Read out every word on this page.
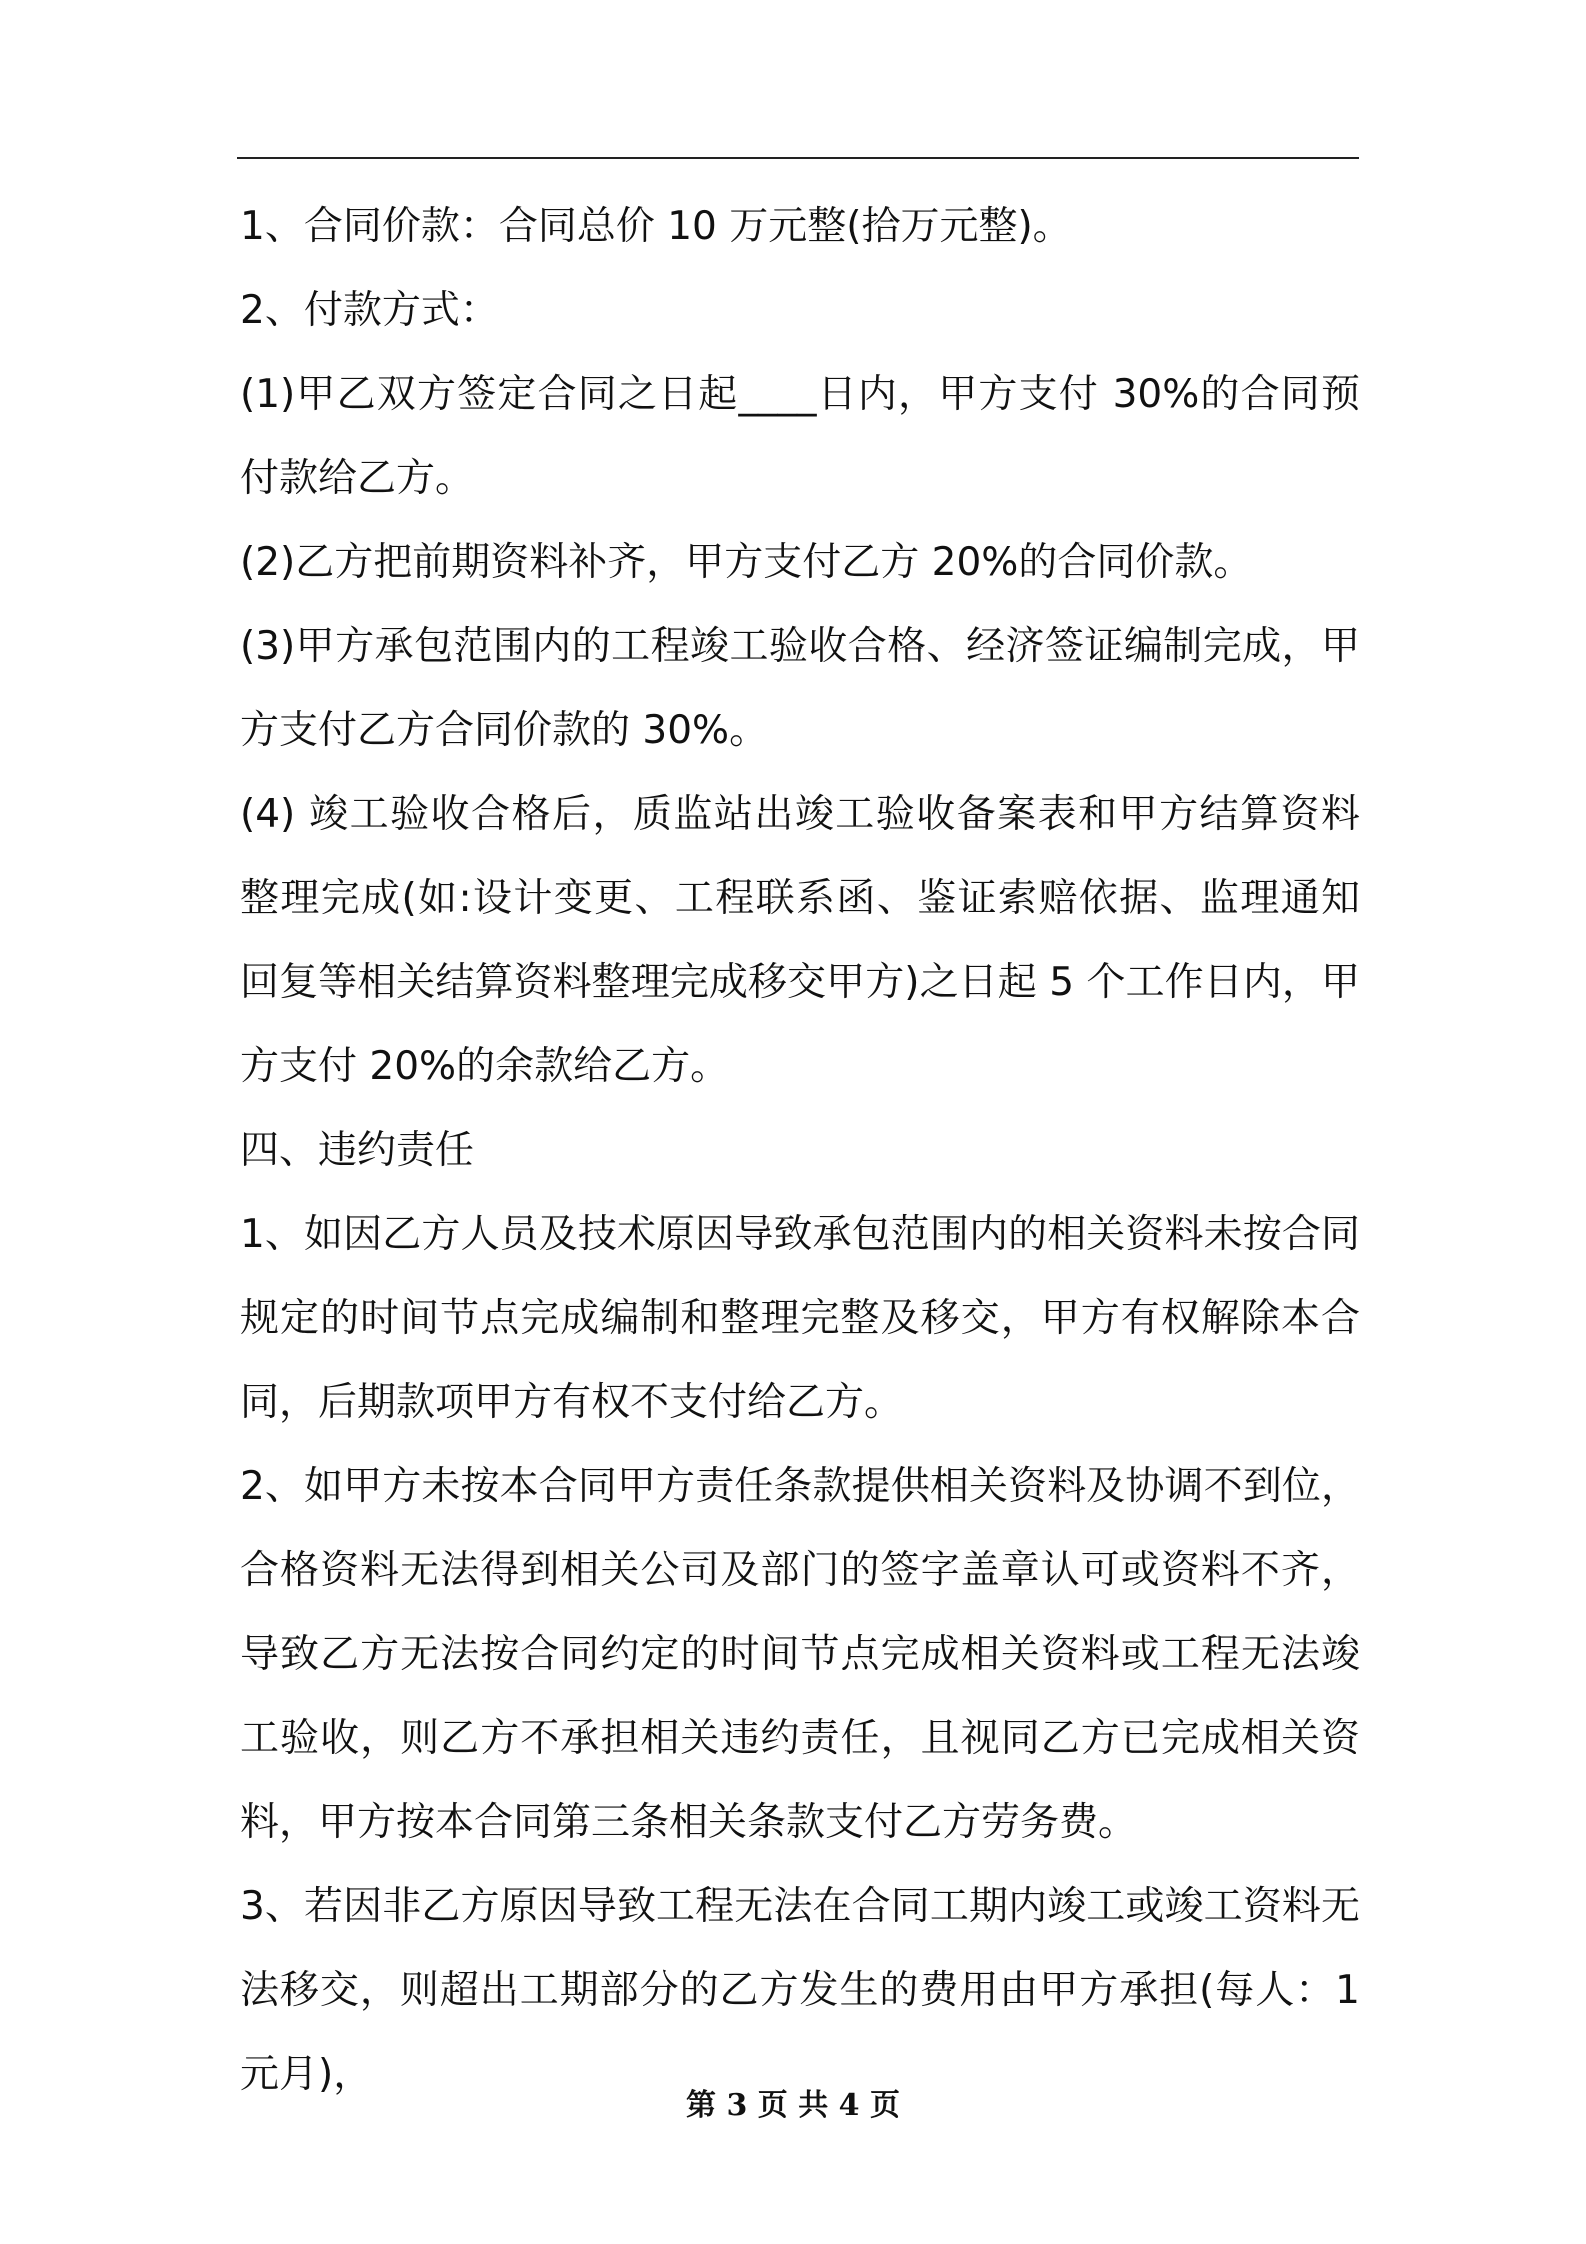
1、合同价款：合同总价 10 万元整(拾万元整)。

2、付款方式：

(1)甲乙双方签定合同之日起____日内，甲方支付 30%的合同预付款给乙方。

(2)乙方把前期资料补齐，甲方支付乙方 20%的合同价款。

(3)甲方承包范围内的工程竣工验收合格、经济签证编制完成，甲方支付乙方合同价款的 30%。

(4) 竣工验收合格后，质监站出竣工验收备案表和甲方结算资料整理完成(如:设计变更、工程联系函、鉴证索赔依据、监理通知回复等相关结算资料整理完成移交甲方)之日起 5 个工作日内，甲方支付 20%的余款给乙方。

四、违约责任

1、如因乙方人员及技术原因导致承包范围内的相关资料未按合同规定的时间节点完成编制和整理完整及移交，甲方有权解除本合同，后期款项甲方有权不支付给乙方。

2、如甲方未按本合同甲方责任条款提供相关资料及协调不到位，合格资料无法得到相关公司及部门的签字盖章认可或资料不齐，导致乙方无法按合同约定的时间节点完成相关资料或工程无法竣工验收，则乙方不承担相关违约责任，且视同乙方已完成相关资料，甲方按本合同第三条相关条款支付乙方劳务费。

3、若因非乙方原因导致工程无法在合同工期内竣工或竣工资料无法移交，则超出工期部分的乙方发生的费用由甲方承担(每人：1 元月)，

第 3 页 共 4 页
